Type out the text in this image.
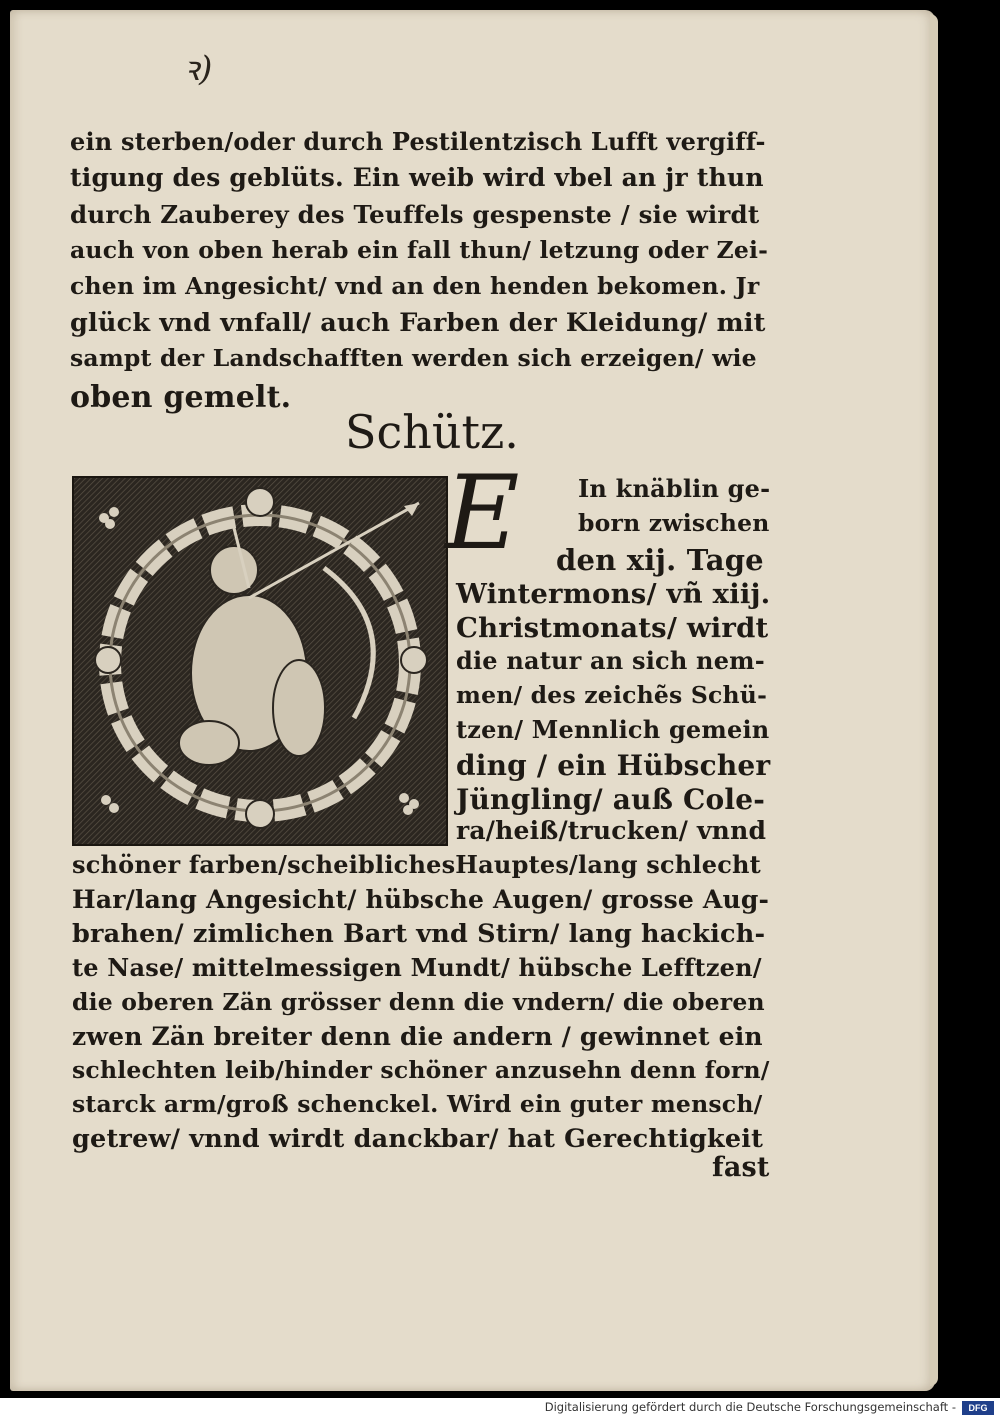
ꝛ)
ein sterben/oder durch Pestilentzisch Lufft vergiff-
tigung des geblüts. Ein weib wird vbel an jr thun
durch Zauberey des Teuffels gespenste / sie wirdt
auch von oben herab ein fall thun/ letzung oder Zei-
chen im Angesicht/ vnd an den henden bekomen. Jr
glück vnd vnfall/ auch Farben der Kleidung/ mit
sampt der Landschafften werden sich erzeigen/ wie
oben gemelt.
Schütz.
E	In knäblin ge-
born zwischen
den xij. Tage
Wintermons/ vñ xiij.
Christmonats/ wirdt
die natur an sich nem-
men/ des zeichẽs Schü-
tzen/ Mennlich gemein
ding / ein Hübscher
Jüngling/ auß Cole-
ra/heiß/trucken/ vnnd
schöner farben/scheiblichesHauptes/lang schlecht
Har/lang Angesicht/ hübsche Augen/ grosse Aug-
brahen/ zimlichen Bart vnd Stirn/ lang hackich-
te Nase/ mittelmessigen Mundt/ hübsche Lefftzen/
die oberen Zän grösser denn die vndern/ die oberen
zwen Zän breiter denn die andern / gewinnet ein
schlechten leib/hinder schöner anzusehn denn forn/
starck arm/groß schenckel. Wird ein guter mensch/
getrew/ vnnd wirdt danckbar/ hat Gerechtigkeit
fast
Digitalisierung gefördert durch die Deutsche Forschungsgemeinschaft -	DFG
